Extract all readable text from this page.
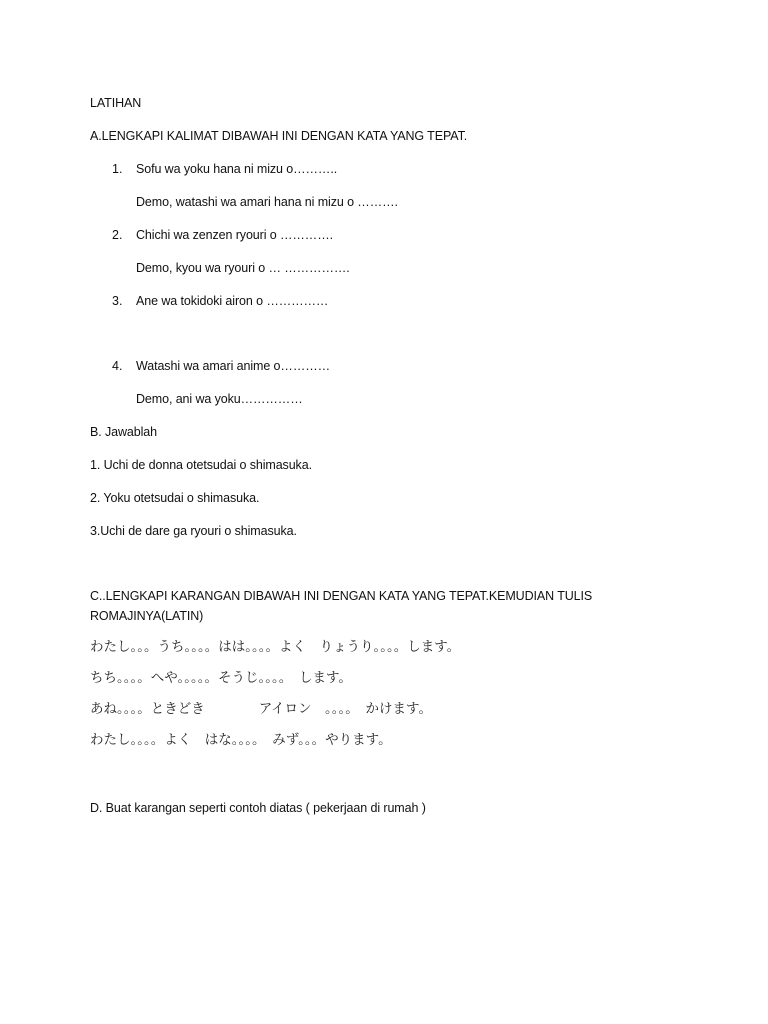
LATIHAN
A.LENGKAPI KALIMAT DIBAWAH INI DENGAN KATA YANG TEPAT.
1. Sofu wa yoku hana ni mizu o………..
Demo, watashi wa amari hana ni mizu o ……….
2. Chichi wa zenzen ryouri o ………….
Demo, kyou wa ryouri o … …………….
3. Ane wa tokidoki airon o ……………
4. Watashi wa amari anime o…………
Demo, ani wa yoku……………
B. Jawablah
1. Uchi de donna otetsudai o shimasuka.
2. Yoku otetsudai o shimasuka.
3.Uchi de dare ga ryouri o shimasuka.
C..LENGKAPI KARANGAN DIBAWAH INI DENGAN KATA YANG TEPAT.KEMUDIAN TULIS
ROMAJINYA(LATIN)
わたし。。。うち。。。。はは。。。。よく　りょうり。。。。します。
ちち。。。。へや。。。。。そうじ。。。。　します。
あね。。。。ときどき　　　　アイロン　。。。。　かけます。
わたし。。。。よく　はな。。。。　みず。。。やります。
D. Buat karangan seperti contoh diatas ( pekerjaan di rumah )
